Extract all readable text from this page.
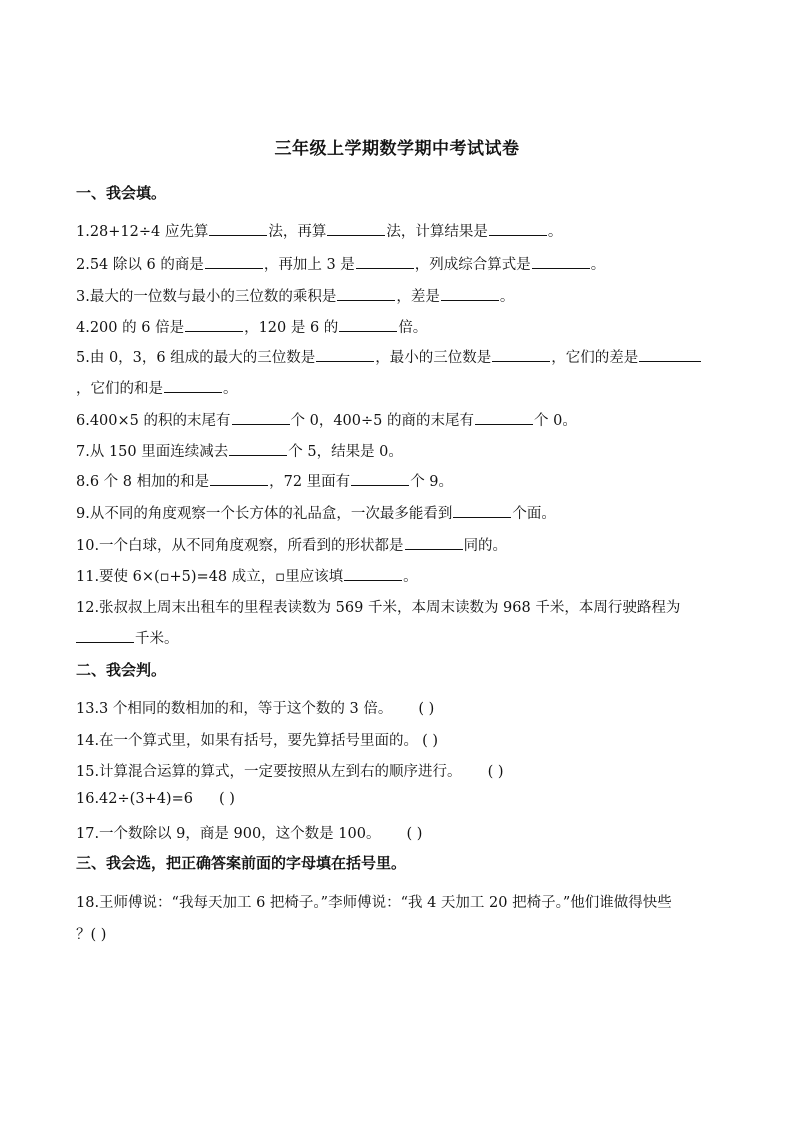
三年级上学期数学期中考试试卷
一、我会填。
1.28+12÷4 应先算	法，再算	法，计算结果是	。
2.54 除以 6 的商是	，再加上 3 是	，列成综合算式是	。
3.最大的一位数与最小的三位数的乘积是	，差是	。
4.200 的 6 倍是	，120 是 6 的	倍。
5.由 0，3，6 组成的最大的三位数是	，最小的三位数是	，它们的差是
，它们的和是	。
6.400×5 的积的末尾有	个 0，400÷5 的商的末尾有	个 0。
7.从 150 里面连续减去	个 5，结果是 0。
8.6 个 8 相加的和是	，72 里面有	个 9。
9.从不同的角度观察一个长方体的礼品盒，一次最多能看到	个面。
10.一个白球，从不同角度观察，所看到的形状都是	同的。
11.要使 6×(▫+5)=48 成立，▫里应该填	。
12.张叔叔上周末出租车的里程表读数为 569 千米，本周末读数为 968 千米，本周行驶路程为
千米。
二、我会判。
13.3 个相同的数相加的和，等于这个数的 3 倍。 ( )
14.在一个算式里，如果有括号，要先算括号里面的。 ( )
15.计算混合运算的算式，一定要按照从左到右的顺序进行。 ( )
16.42÷(3+4)=6 ( )
17.一个数除以 9，商是 900，这个数是 100。 ( )
三、我会选，把正确答案前面的字母填在括号里。
18.王师傅说：“我每天加工 6 把椅子。”李师傅说：“我 4 天加工 20 把椅子。”他们谁做得快些
？( )
